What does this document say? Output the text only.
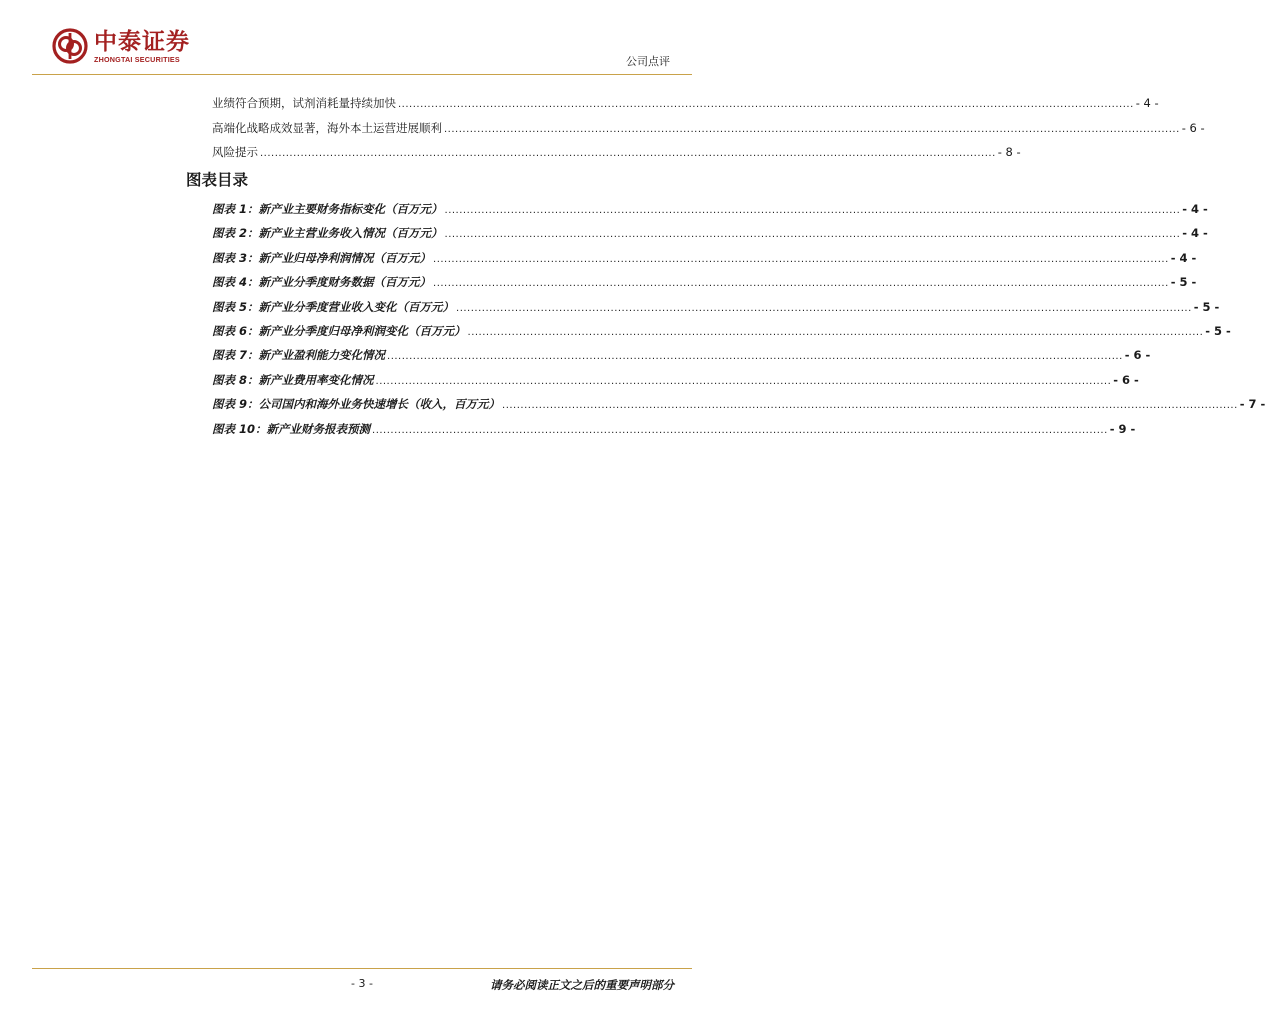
中泰证券
ZHONGTAI SECURITIES	公司点评
业绩符合预期，试剂消耗量持续加快 ........................................................................................................................................................................................................ - 4 -
高端化战略成效显著，海外本土运营进展顺利 ........................................................................................................................................................................................................ - 6 -
风险提示 ........................................................................................................................................................................................................ - 8 -
图表目录
图表 1：新产业主要财务指标变化（百万元） ........................................................................................................................................................................................................ - 4 -
图表 2：新产业主营业务收入情况（百万元） ........................................................................................................................................................................................................ - 4 -
图表 3：新产业归母净利润情况（百万元） ........................................................................................................................................................................................................ - 4 -
图表 4：新产业分季度财务数据（百万元） ........................................................................................................................................................................................................ - 5 -
图表 5：新产业分季度营业收入变化（百万元） ........................................................................................................................................................................................................ - 5 -
图表 6：新产业分季度归母净利润变化（百万元） ........................................................................................................................................................................................................ - 5 -
图表 7：新产业盈利能力变化情况 ........................................................................................................................................................................................................ - 6 -
图表 8：新产业费用率变化情况 ........................................................................................................................................................................................................ - 6 -
图表 9：公司国内和海外业务快速增长（收入，百万元） ........................................................................................................................................................................................................ - 7 -
图表 10：新产业财务报表预测 ........................................................................................................................................................................................................ - 9 -
- 3 -	请务必阅读正文之后的重要声明部分
